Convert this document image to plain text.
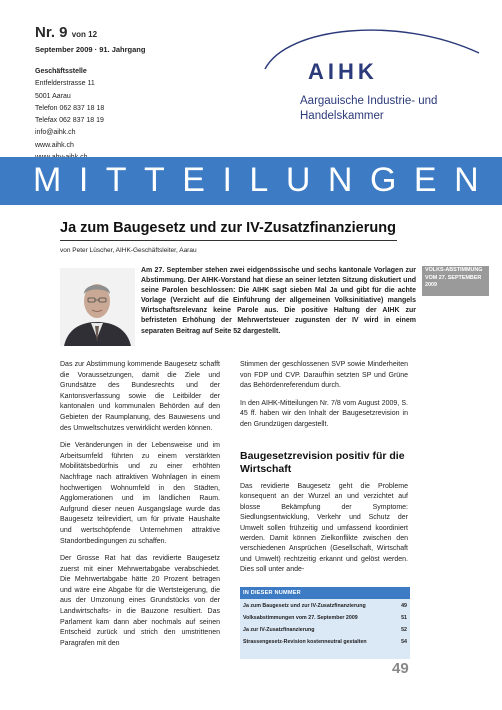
Nr. 9 von 12
September 2009 · 91. Jahrgang
Geschäftsstelle
Entfelderstrasse 11
5001 Aarau
Telefon 062 837 18 18
Telefax 062 837 18 19
info@aihk.ch
www.aihk.ch
AIHK
Aargauische Industrie- und
Handelskammer
MITTEILUNGEN
Ja zum Baugesetz und zur IV-Zusatzfinanzierung
von Peter Lüscher, AIHK-Geschäftsleiter, Aarau
VOLKS-ABSTIMMUNG VOM 27. SEPTEMBER 2009
Am 27. September stehen zwei eidgenössische und sechs kantonale Vorlagen zur Abstimmung. Der AIHK-Vorstand hat diese an seiner letzten Sitzung diskutiert und seine Parolen beschlossen: Die AIHK sagt sieben Mal Ja und gibt für die achte Vorlage (Verzicht auf die Einführung der allgemeinen Volksinitiative) mangels Wirtschaftsrelevanz keine Parole aus. Die positive Haltung der AIHK zur befristeten Erhöhung der Mehrwertsteuer zugunsten der IV wird in einem separaten Beitrag auf Seite 52 dargestellt.

Das zur Abstimmung kommende Baugesetz schafft die Voraussetzungen, damit die Ziele und Grundsätze des Bundesrechts und der Kantonsverfassung sowie die Leitbilder der kantonalen und kommunalen Behörden auf den Gebieten der Raumplanung, des Bauwesens und des Umweltschutzes verwirklicht werden können.

Die Veränderungen in der Lebensweise und im Arbeitsumfeld führten zu einem verstärkten Mobilitätsbedürfnis und zu einer erhöhten Nachfrage nach attraktiven Wohnlagen in einem hochwertigen Wohnumfeld in den Städten, Agglomerationen und im ländlichen Raum. Aufgrund dieser neuen Ausgangslage wurde das Baugesetz teilrevidiert, um für private Haushalte und wertschöpfende Unternehmen attraktive Standortbedingungen zu schaffen.

Der Grosse Rat hat das revidierte Baugesetz zuerst mit einer Mehrwertabgabe verabschiedet. Die Mehrwertabgabe hätte 20 Prozent betragen und wäre eine Abgabe für die Wertsteigerung, die aus der Umzonung eines Grundstücks von der Landwirtschafts- in die Bauzone resultiert. Das Parlament kam dann aber nochmals auf seinen Entscheid zurück und strich den umstrittenen Paragrafen mit den

Stimmen der geschlossenen SVP sowie Minderheiten von FDP und CVP. Daraufhin setzten SP und Grüne das Behördenreferendum durch.

In den AIHK-Mitteilungen Nr. 7/8 vom August 2009, S. 45 ff. haben wir den Inhalt der Baugesetzrevision in den Grundzügen dargestellt.

Baugesetzrevision positiv für die Wirtschaft
Das revidierte Baugesetz geht die Probleme konsequent an der Wurzel an und verzichtet auf blosse Bekämpfung der Symptome: Siedlungsentwicklung, Verkehr und Schutz der Umwelt sollen frühzeitig und umfassend koordiniert werden. Damit können Zielkonflikte zwischen den verschiedenen Ansprüchen (Gesellschaft, Wirtschaft und Umwelt) rechtzeitig erkannt und gelöst werden. Dies soll unter ande-
Ja zum Baugesetz und zur IV-Zusatzfinanzierung	49
Volksabstimmungen vom 27. September 2009	51
Ja zur IV-Zusatzfinanzierung	52
Strassengesetz-Revision kostenneutral gestalten	54
IN DIESER NUMMER
49
